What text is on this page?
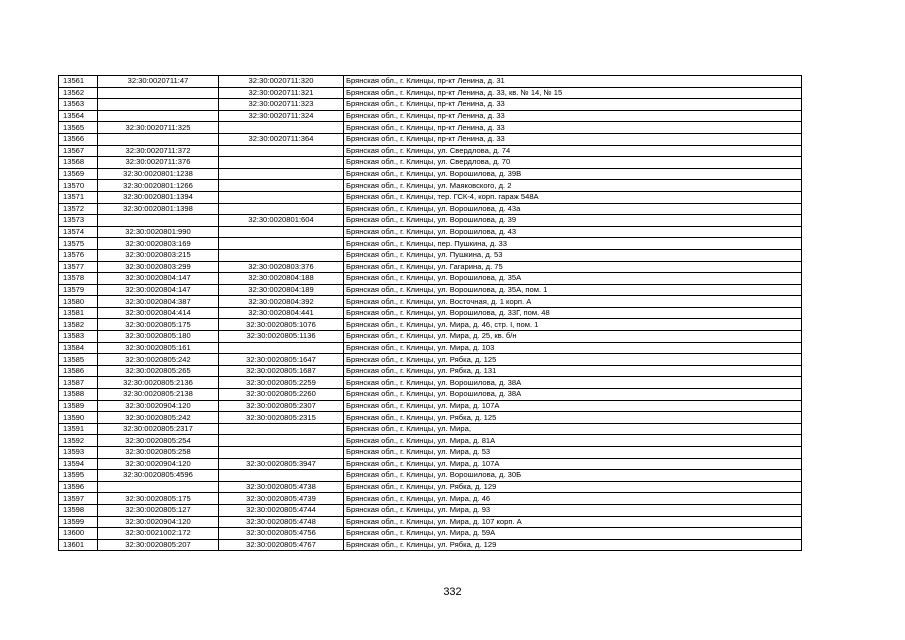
13561	32:30:0020711:47	32:30:0020711:320	Брянская обл., г. Клинцы, пр-кт Ленина, д. 31
13562		32:30:0020711:321	Брянская обл., г. Клинцы, пр-кт Ленина, д. 33, кв. № 14, № 15
13563		32:30:0020711:323	Брянская обл., г. Клинцы, пр-кт Ленина, д. 33
13564		32:30:0020711:324	Брянская обл., г. Клинцы, пр-кт Ленина, д. 33
13565	32:30:0020711:325		Брянская обл., г. Клинцы, пр-кт Ленина, д. 33
13566		32:30:0020711:364	Брянская обл., г. Клинцы, пр-кт Ленина, д. 33
13567	32:30:0020711:372		Брянская обл., г. Клинцы, ул. Свердлова, д. 74
13568	32:30:0020711:376		Брянская обл., г. Клинцы, ул. Свердлова, д. 70
13569	32:30:0020801:1238		Брянская обл., г. Клинцы, ул. Ворошилова, д. 39В
13570	32:30:0020801:1266		Брянская обл., г. Клинцы, ул. Маяковского, д. 2
13571	32:30:0020801:1394		Брянская обл., г. Клинцы, тер. ГСК-4, корп. гараж 548А
13572	32:30:0020801:1398		Брянская обл., г. Клинцы, ул. Ворошилова, д. 43а
13573		32:30:0020801:604	Брянская обл., г. Клинцы, ул. Ворошилова, д. 39
13574	32:30:0020801:990		Брянская обл., г. Клинцы, ул. Ворошилова, д. 43
13575	32:30:0020803:169		Брянская обл., г. Клинцы, пер. Пушкина, д. 33
13576	32:30:0020803:215		Брянская обл., г. Клинцы, ул. Пушкина, д. 53
13577	32:30:0020803:299	32:30:0020803:376	Брянская обл., г. Клинцы, ул. Гагарина, д. 75
13578	32:30:0020804:147	32:30:0020804:188	Брянская обл., г. Клинцы, ул. Ворошилова, д. 35А
13579	32:30:0020804:147	32:30:0020804:189	Брянская обл., г. Клинцы, ул. Ворошилова, д. 35А, пом. 1
13580	32:30:0020804:387	32:30:0020804:392	Брянская обл., г. Клинцы, ул. Восточная, д. 1 корп. А
13581	32:30:0020804:414	32:30:0020804:441	Брянская обл., г. Клинцы, ул. Ворошилова, д. 33Г, пом. 48
13582	32:30:0020805:175	32:30:0020805:1076	Брянская обл., г. Клинцы, ул. Мира, д. 46, стр. I, пом. 1
13583	32:30:0020805:180	32:30:0020805:1136	Брянская обл., г. Клинцы, ул. Мира, д. 25, кв. б/н
13584	32:30:0020805:161		Брянская обл., г. Клинцы, ул. Мира, д. 103
13585	32:30:0020805:242	32:30:0020805:1647	Брянская обл., г. Клинцы, ул. Рябка, д. 125
13586	32:30:0020805:265	32:30:0020805:1687	Брянская обл., г. Клинцы, ул. Рябка, д. 131
13587	32:30:0020805:2136	32:30:0020805:2259	Брянская обл., г. Клинцы, ул. Ворошилова, д. 38А
13588	32:30:0020805:2138	32:30:0020805:2260	Брянская обл., г. Клинцы, ул. Ворошилова, д. 38А
13589	32:30:0020904:120	32:30:0020805:2307	Брянская обл., г. Клинцы, ул. Мира, д. 107А
13590	32:30:0020805:242	32:30:0020805:2315	Брянская обл., г. Клинцы, ул. Рябка, д. 125
13591	32:30:0020805:2317		Брянская обл., г. Клинцы, ул. Мира,
13592	32:30:0020805:254		Брянская обл., г. Клинцы, ул. Мира, д. 81А
13593	32:30:0020805:258		Брянская обл., г. Клинцы, ул. Мира, д. 53
13594	32:30:0020904:120	32:30:0020805:3947	Брянская обл., г. Клинцы, ул. Мира, д. 107А
13595	32:30:0020805:4596		Брянская обл., г. Клинцы, ул. Ворошилова, д. 30Б
13596		32:30:0020805:4738	Брянская обл., г. Клинцы, ул. Рябка, д. 129
13597	32:30:0020805:175	32:30:0020805:4739	Брянская обл., г. Клинцы, ул. Мира, д. 46
13598	32:30:0020805:127	32:30:0020805:4744	Брянская обл., г. Клинцы, ул. Мира, д. 93
13599	32:30:0020904:120	32:30:0020805:4748	Брянская обл., г. Клинцы, ул. Мира, д. 107 корп. А
13600	32:30:0021002:172	32:30:0020805:4756	Брянская обл., г. Клинцы, ул. Мира, д. 59А
13601	32:30:0020805:207	32:30:0020805:4767	Брянская обл., г. Клинцы, ул. Рябка, д. 129
332
